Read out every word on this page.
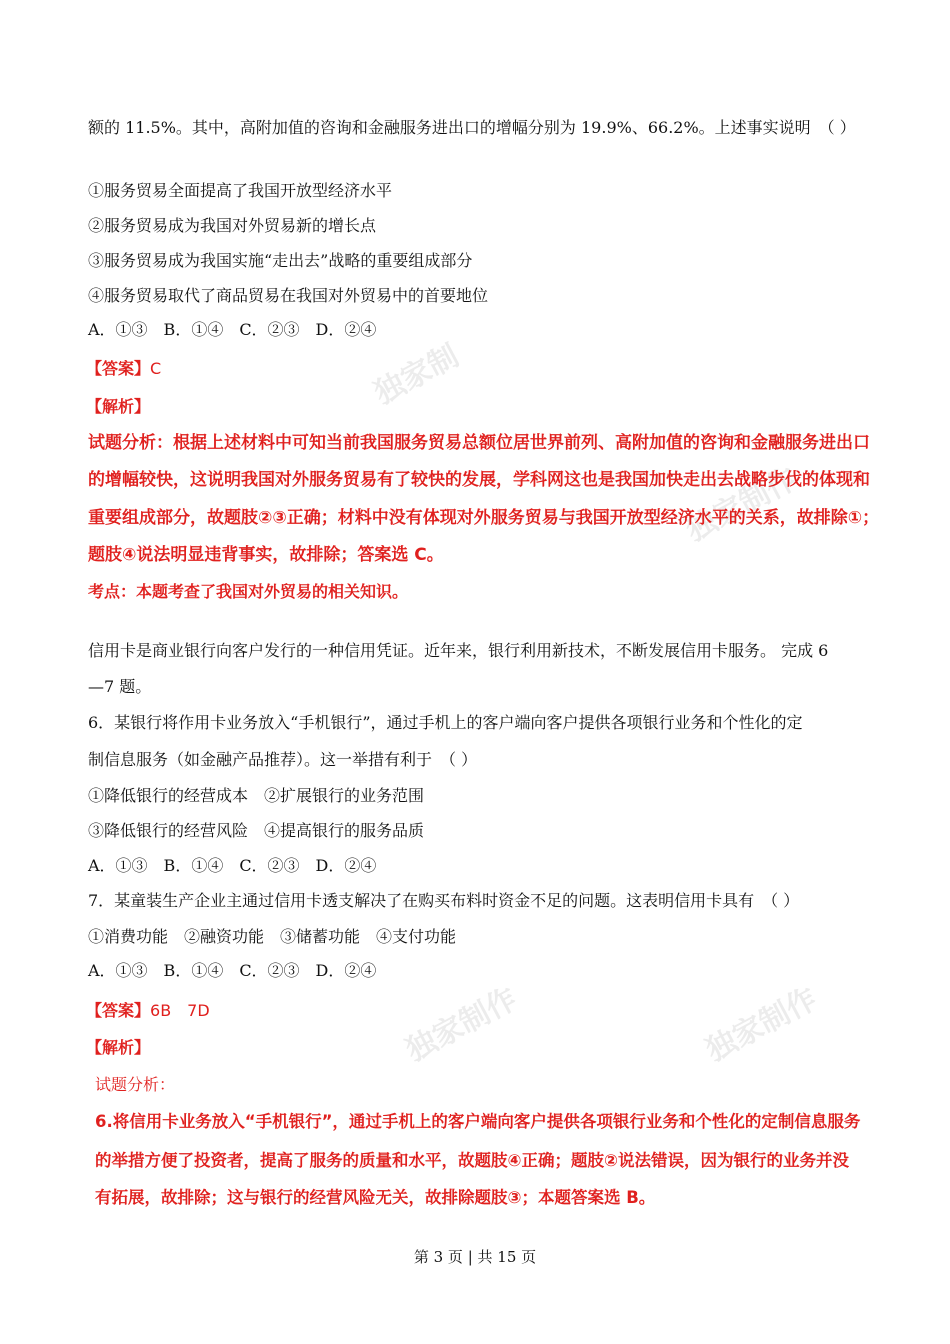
独家制
独家制作
独家制作	独家制作
额的 11.5%。其中，高附加值的咨询和金融服务进出口的增幅分别为 19.9%、66.2%。上述事实说明　（ ）
①服务贸易全面提高了我国开放型经济水平
②服务贸易成为我国对外贸易新的增长点
③服务贸易成为我国实施“走出去”战略的重要组成部分
④服务贸易取代了商品贸易在我国对外贸易中的首要地位
A．①③　B．①④　C．②③　D．②④
【答案】C
【解析】
试题分析：根据上述材料中可知当前我国服务贸易总额位居世界前列、高附加值的咨询和金融服务进出口
的增幅较快，这说明我国对外服务贸易有了较快的发展，学科网这也是我国加快走出去战略步伐的体现和
重要组成部分，故题肢②③正确；材料中没有体现对外服务贸易与我国开放型经济水平的关系，故排除①；
题肢④说法明显违背事实，故排除；答案选 C。
考点：本题考查了我国对外贸易的相关知识。
信用卡是商业银行向客户发行的一种信用凭证。近年来，银行利用新技术，不断发展信用卡服务。 完成 6
—7 题。
6．某银行将作用卡业务放入“手机银行”，通过手机上的客户端向客户提供各项银行业务和个性化的定
制信息服务（如金融产品推荐）。这一举措有利于　（ ）
①降低银行的经营成本　②扩展银行的业务范围
③降低银行的经营风险　④提高银行的服务品质
A．①③　B．①④　C．②③　D．②④
7．某童装生产企业主通过信用卡透支解决了在购买布料时资金不足的问题。这表明信用卡具有　（ ）
①消费功能　②融资功能　③储蓄功能　④支付功能
A．①③　B．①④　C．②③　D．②④
【答案】6B　7D
【解析】
试题分析：
6.将信用卡业务放入“手机银行”，通过手机上的客户端向客户提供各项银行业务和个性化的定制信息服务
的举措方便了投资者，提高了服务的质量和水平，故题肢④正确；题肢②说法错误，因为银行的业务并没
有拓展，故排除；这与银行的经营风险无关，故排除题肢③；本题答案选 B。
第 3 页 | 共 15 页
